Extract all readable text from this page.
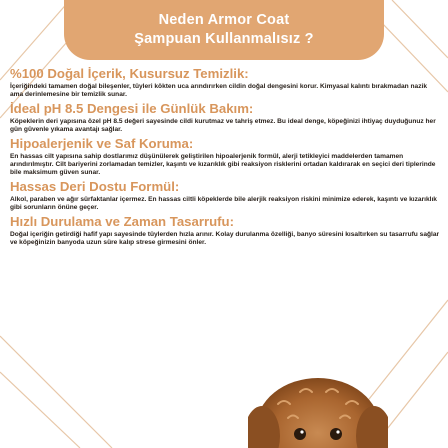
Neden Armor Coat
Şampuan Kullanmalısız ?
%100 Doğal İçerik, Kusursuz Temizlik:
İçeriğindeki tamamen doğal bileşenler, tüyleri kökten uca arındırırken cildin doğal dengesini korur. Kimyasal kalıntı bırakmadan nazik ama derinlemesine bir temizlik sunar.
İdeal pH 8.5 Dengesi ile Günlük Bakım:
Köpeklerin deri yapısına özel pH 8.5 değeri sayesinde cildi kurutmaz ve tahriş etmez. Bu ideal denge, köpeğinizi ihtiyaç duyduğunuz her gün güvenle yıkama avantajı sağlar.
Hipoalerjenik ve Saf Koruma:
En hassas cilt yapısına sahip dostlarımız düşünülerek geliştirilen hipoalerjenik formül, alerji tetikleyici maddelerden tamamen arındırılmıştır. Cilt bariyerini zorlamadan temizler, kaşıntı ve kızarıklık gibi reaksiyon risklerini ortadan kaldırarak en seçici deri tiplerinde bile maksimum güven sunar.
Hassas Deri Dostu Formül:
Alkol, paraben ve ağır sürfaktanlar içermez. En hassas ciltli köpeklerde bile alerjik reaksiyon riskini minimize ederek, kaşıntı ve kızarıklık gibi sorunların önüne geçer.
Hızlı Durulama ve Zaman Tasarrufu:
Doğal içeriğin getirdiği hafif yapı sayesinde tüylerden hızla arınır. Kolay durulanma özelliği, banyo süresini kısaltırken su tasarrufu sağlar ve köpeğinizin banyoda uzun süre kalıp strese girmesini önler.
